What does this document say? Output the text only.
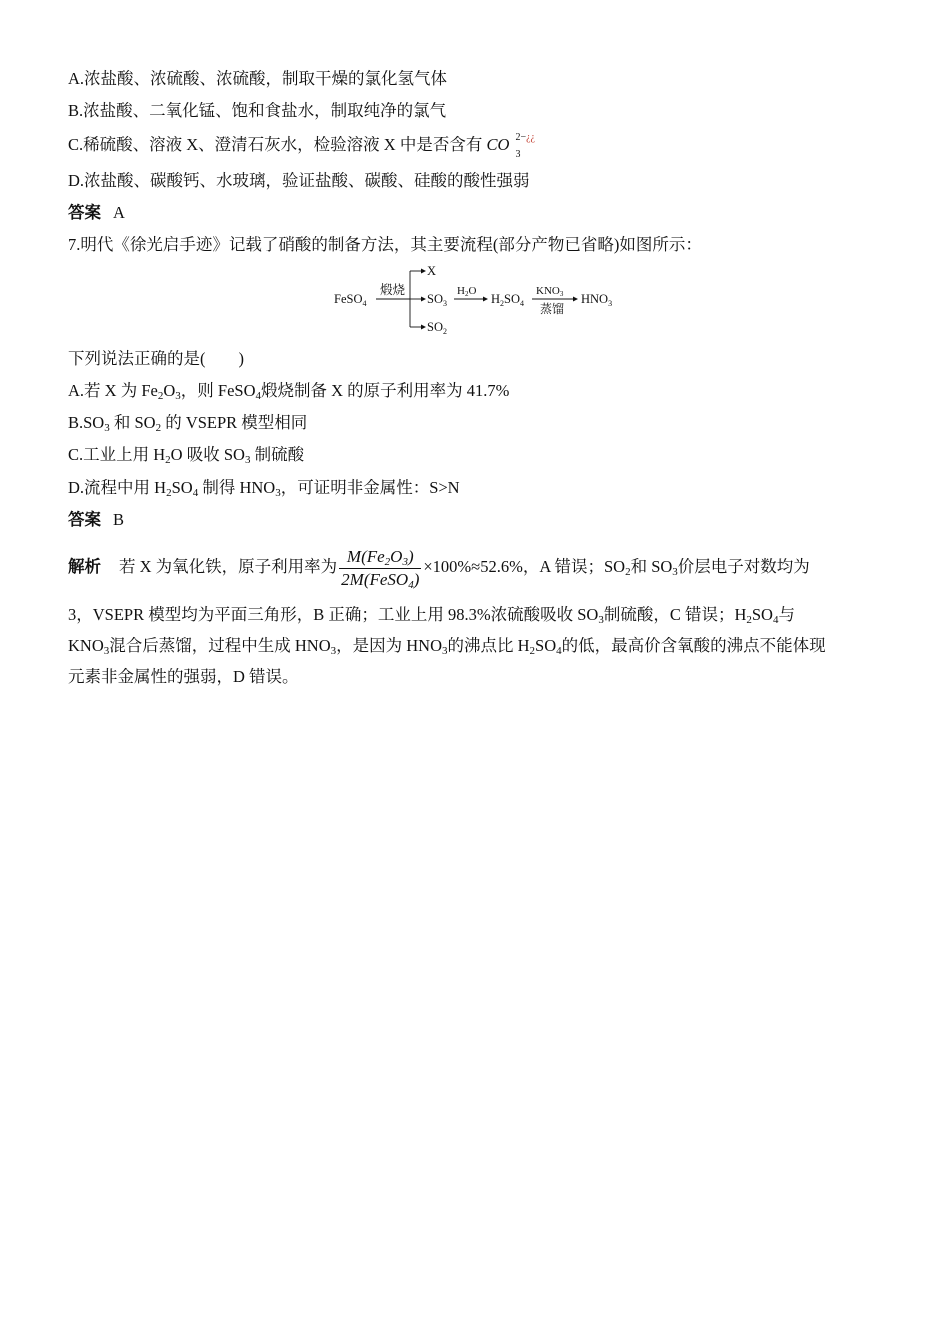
A.浓盐酸、浓硫酸、浓硫酸，制取干燥的氯化氢气体
B.浓盐酸、二氧化锰、饱和食盐水，制取纯净的氯气
C.稀硫酸、溶液 X、澄清石灰水，检验溶液 X 中是否含有 CO
3
2−¿¿
D.浓盐酸、碳酸钙、水玻璃，验证盐酸、碳酸、硅酸的酸性强弱
答案 A
7.明代《徐光启手迹》记载了硝酸的制备方法，其主要流程(部分产物已省略)如图所示：
FeSO$_4$
煅烧
X
$SO_3$
$SO_2$
H2O
$H_2SO_4$
KNO3
蒸馏
$HNO_3$
下列说法正确的是(　　)
A.若 X 为 $Fe_2O_3$，则 FeSO$_4$煅烧制备 X 的原子利用率为 41.7%
$B.SO_3$ 和 $SO_2$ 的 VSEPR 模型相同
C.工业上用 $H_2O$ 吸收 $SO_3$ 制硫酸
D.流程中用 $H_2SO_4$ 制得 $HNO_3$，可证明非金属性：S>N
答案 B
解析 若 X 为氧化铁，原子利用率为 $\frac{M(Fe_2O_3)}{2M(FeSO_4)} \times 100\%\approx 52.6\%$，A 错误；$SO_2$和 $SO_3$价层电子对数均为
3，VSEPR 模型均为平面三角形，B 正确；工业上用 98.3%浓硫酸吸收 $SO_3$制硫酸，C 错误；$H_2SO_4$与
$KNO_3$混合后蒸馏，过程中生成 $HNO_3$，是因为 $HNO_3$的沸点比 $H_2SO_4$的低，最高价含氧酸的沸点不能体现
元素非金属性的强弱，D 错误。
